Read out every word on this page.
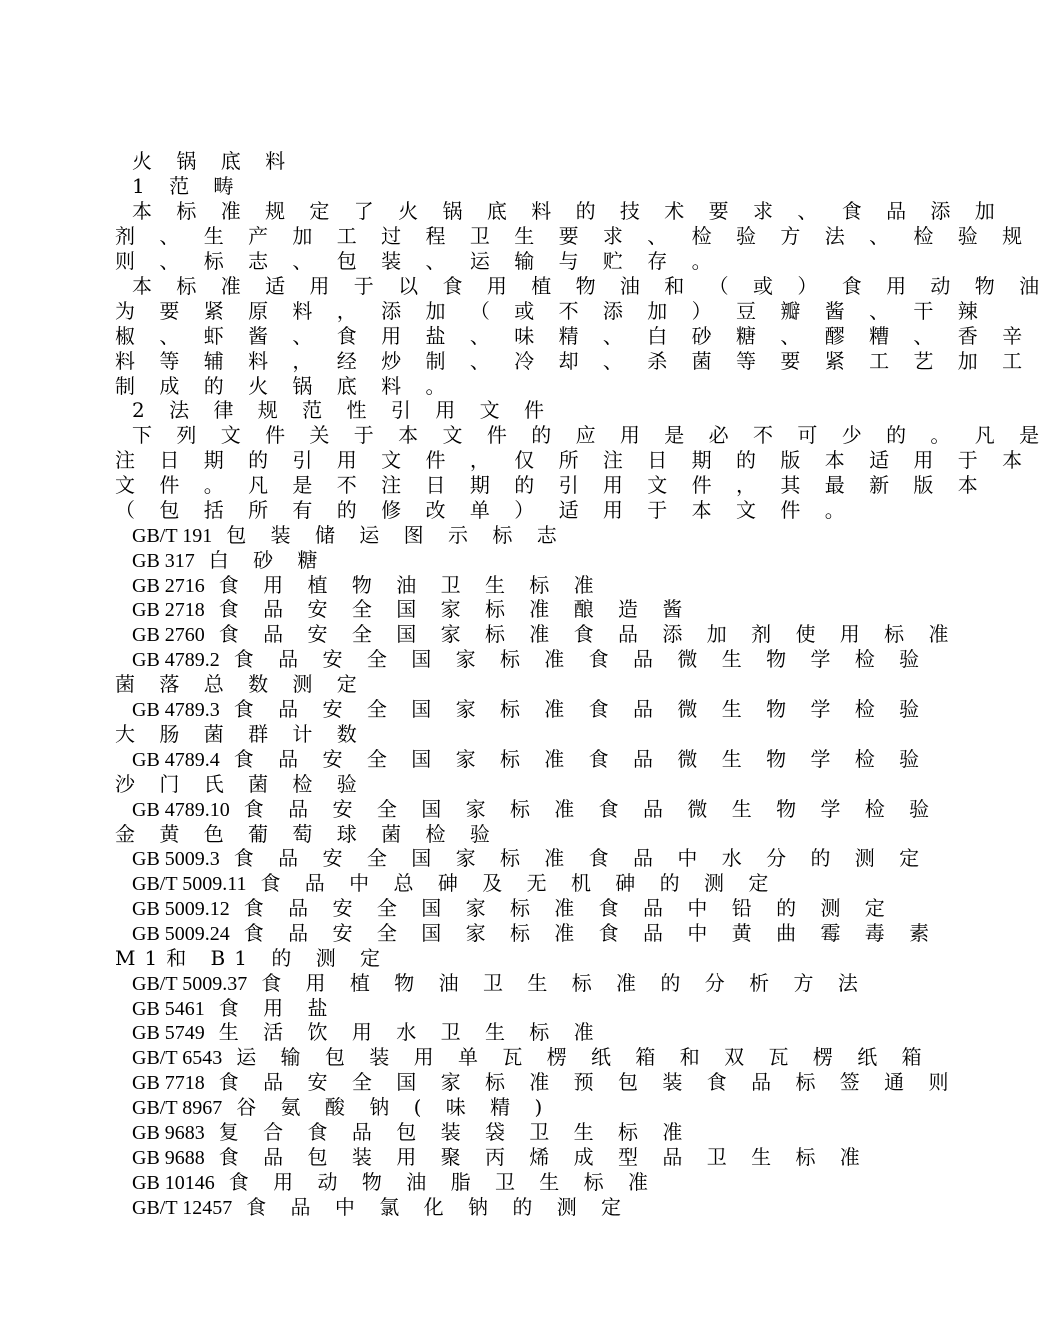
火 锅 底 料
1 范 畴
本 标 准 规 定 了 火 锅 底 料 的 技 术 要 求 、 食 品 添 加
剂 、 生 产 加 工 过 程 卫 生 要 求 、 检 验 方 法 、 检 验 规
则 、 标 志 、 包 装 、 运 输 与 贮 存 。
本 标 准 适 用 于 以 食 用 植 物 油 和 （ 或 ） 食 用 动 物 油
为 要 紧 原 料 ， 添 加 （ 或 不 添 加 ） 豆 瓣 酱 、 干 辣
椒 、 虾 酱 、 食 用 盐 、 味 精 、 白 砂 糖 、 醪 糟 、 香 辛
料 等 辅 料 ， 经 炒 制 、 冷 却 、 杀 菌 等 要 紧 工 艺 加 工
制 成 的 火 锅 底 料 。
2 法 律 规 范 性 引 用 文 件
下 列 文 件 关 于 本 文 件 的 应 用 是 必 不 可 少 的 。 凡 是
注 日 期 的 引 用 文 件 ， 仅 所 注 日 期 的 版 本 适 用 于 本
文 件 。 凡 是 不 注 日 期 的 引 用 文 件 ， 其 最 新 版 本
（ 包 括 所 有 的 修 改 单 ） 适 用 于 本 文 件 。
GB/T 191 包 装 储 运 图 示 标 志
GB 317 白 砂 糖
GB 2716 食 用 植 物 油 卫 生 标 准
GB 2718 食 品 安 全 国 家 标 准 酿 造 酱
GB 2760 食 品 安 全 国 家 标 准 食 品 添 加 剂 使 用 标 准
GB 4789.2 食 品 安 全 国 家 标 准 食 品 微 生 物 学 检 验
菌 落 总 数 测 定
GB 4789.3 食 品 安 全 国 家 标 准 食 品 微 生 物 学 检 验
大 肠 菌 群 计 数
GB 4789.4 食 品 安 全 国 家 标 准 食 品 微 生 物 学 检 验
沙 门 氏 菌 检 验
GB 4789.10 食 品 安 全 国 家 标 准 食 品 微 生 物 学 检 验
金 黄 色 葡 萄 球 菌 检 验
GB 5009.3 食 品 安 全 国 家 标 准 食 品 中 水 分 的 测 定
GB/T 5009.11 食 品 中 总 砷 及 无 机 砷 的 测 定
GB 5009.12 食 品 安 全 国 家 标 准 食 品 中 铅 的 测 定
GB 5009.24 食 品 安 全 国 家 标 准 食 品 中 黄 曲 霉 毒 素
M1和 B1 的 测 定
GB/T 5009.37 食 用 植 物 油 卫 生 标 准 的 分 析 方 法
GB 5461 食 用 盐
GB 5749 生 活 饮 用 水 卫 生 标 准
GB/T 6543 运 输 包 装 用 单 瓦 楞 纸 箱 和 双 瓦 楞 纸 箱
GB 7718 食 品 安 全 国 家 标 准 预 包 装 食 品 标 签 通 则
GB/T 8967 谷 氨 酸 钠 ( 味 精 )
GB 9683 复 合 食 品 包 装 袋 卫 生 标 准
GB 9688 食 品 包 装 用 聚 丙 烯 成 型 品 卫 生 标 准
GB 10146 食 用 动 物 油 脂 卫 生 标 准
GB/T 12457 食 品 中 氯 化 钠 的 测 定
